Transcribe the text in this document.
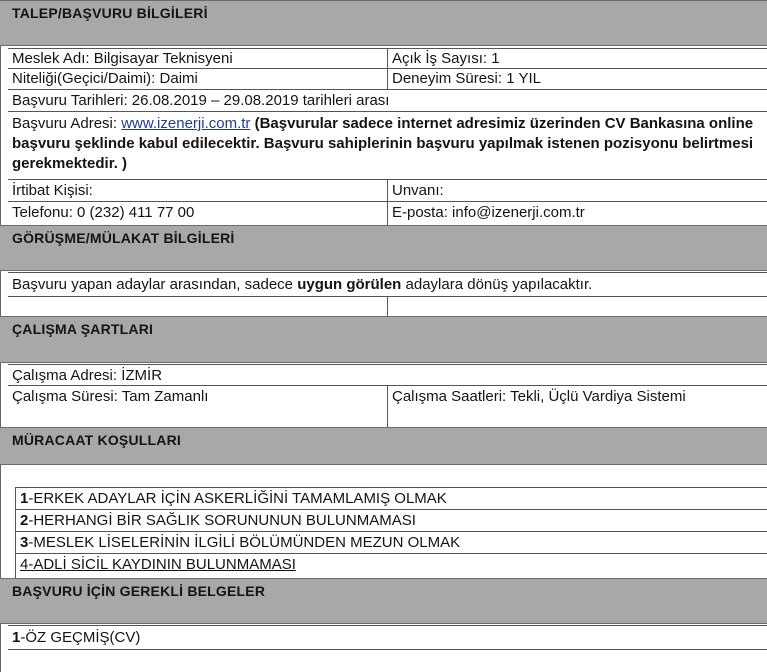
TALEP/BAŞVURU BİLGİLERİ
Meslek Adı: Bilgisayar Teknisyeni	Açık İş Sayısı: 1
Niteliği(Geçici/Daimi): Daimi	Deneyim Süresi: 1 YIL
Başvuru Tarihleri: 26.08.2019 – 29.08.2019 tarihleri arası
Başvuru Adresi: www.izenerji.com.tr (Başvurular sadece internet adresimiz üzerinden CV Bankasına online başvuru şeklinde kabul edilecektir. Başvuru sahiplerinin başvuru yapılmak istenen pozisyonu belirtmesi gerekmektedir. )
İrtibat Kişisi:	Unvanı:
Telefonu: 0 (232) 411 77 00	E-posta: info@izenerji.com.tr
GÖRÜŞME/MÜLAKAT BİLGİLERİ
Başvuru yapan adaylar arasından, sadece uygun görülen adaylara dönüş yapılacaktır.
ÇALIŞMA ŞARTLARI
Çalışma Adresi: İZMİR
Çalışma Süresi: Tam Zamanlı	Çalışma Saatleri: Tekli, Üçlü Vardiya Sistemi
MÜRACAAT KOŞULLARI
1-ERKEK ADAYLAR İÇİN ASKERLİĞİNİ TAMAMLAMIŞ OLMAK
2-HERHANGİ BİR SAĞLIK SORUNUNUN BULUNMAMASI
3-MESLEK LİSELERİNİN İLGİLİ BÖLÜMÜNDEN MEZUN OLMAK
4-ADLİ SİCİL KAYDININ BULUNMAMASI
BAŞVURU İÇİN GEREKLİ BELGELER
1-ÖZ GEÇMİŞ(CV)
